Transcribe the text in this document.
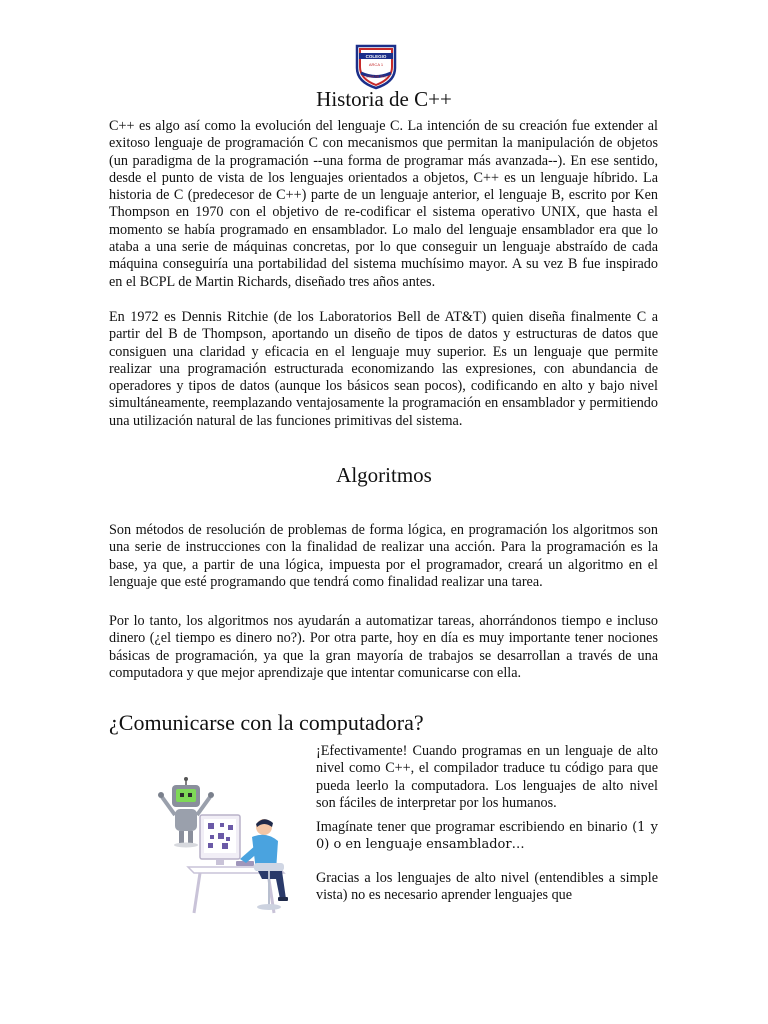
COLEGIO
ARCA 1
CUNA DE SOL
Historia de C++

C++ es algo así como la evolución del lenguaje C. La intención de su creación fue extender al exitoso lenguaje de programación C con mecanismos que permitan la manipulación de objetos (un paradigma de la programación --una forma de programar más avanzada--). En ese sentido, desde el punto de vista de los lenguajes orientados a objetos, C++ es un lenguaje híbrido. La historia de C (predecesor de C++) parte de un lenguaje anterior, el lenguaje B, escrito por Ken Thompson en 1970 con el objetivo de re-codificar el sistema operativo UNIX, que hasta el momento se había programado en ensamblador. Lo malo del lenguaje ensamblador era que lo ataba a una serie de máquinas concretas, por lo que conseguir un lenguaje abstraído de cada máquina conseguiría una portabilidad del sistema muchísimo mayor. A su vez B fue inspirado en el BCPL de Martin Richards, diseñado tres años antes.

En 1972 es Dennis Ritchie (de los Laboratorios Bell de AT&T) quien diseña finalmente C a partir del B de Thompson, aportando un diseño de tipos de datos y estructuras de datos que consiguen una claridad y eficacia en el lenguaje muy superior. Es un lenguaje que permite realizar una programación estructurada economizando las expresiones, con abundancia de operadores y tipos de datos (aunque los básicos sean pocos), codificando en alto y bajo nivel simultáneamente, reemplazando ventajosamente la programación en ensamblador y permitiendo una utilización natural de las funciones primitivas del sistema.

Algoritmos

Son métodos de resolución de problemas de forma lógica, en programación los algoritmos son una serie de instrucciones con la finalidad de realizar una acción. Para la programación es la base, ya que, a partir de una lógica, impuesta por el programador, creará un algoritmo en el lenguaje que esté programando que tendrá como finalidad realizar una tarea.

Por lo tanto, los algoritmos nos ayudarán a automatizar tareas, ahorrándonos tiempo e incluso dinero (¿el tiempo es dinero no?). Por otra parte, hoy en día es muy importante tener nociones básicas de programación, ya que la gran mayoría de trabajos se desarrollan a través de una computadora y que mejor aprendizaje que intentar comunicarse con ella.

¿Comunicarse con la computadora?

¡Efectivamente! Cuando programas en un lenguaje de alto nivel como C++, el compilador traduce tu código para que pueda leerlo la computadora. Los lenguajes de alto nivel son fáciles de interpretar por los humanos.

Imagínate tener que programar escribiendo en binario (1 y 0) o en lenguaje ensamblador…

Gracias a los lenguajes de alto nivel (entendibles a simple vista) no es necesario aprender lenguajes que
